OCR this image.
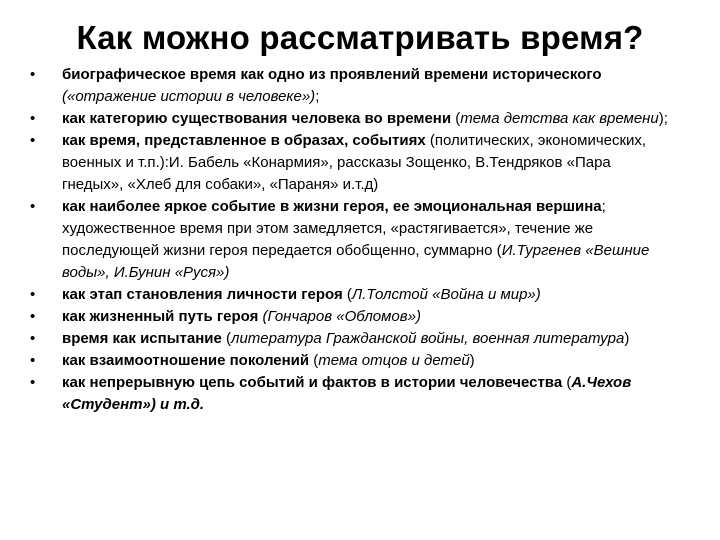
Как можно рассматривать время?
•	биографическое время как одно из проявлений времени исторического («отражение истории в человеке»);
•	как категорию существования человека во времени (тема детства как времени);
•	как время, представленное в образах, событиях (политических, экономических, военных и т.п.):И. Бабель «Конармия», рассказы Зощенко, В.Тендряков «Пара гнедых», «Хлеб для собаки», «Параня» и.т.д)
•	как наиболее яркое событие в жизни героя, ее эмоциональная вершина; художественное время при этом замедляется, «растягивается», течение же последующей жизни героя передается обобщенно, суммарно (И.Тургенев «Вешние воды», И.Бунин «Руся»)
•	как этап становления личности героя (Л.Толстой «Война и мир»)
•	как жизненный путь героя (Гончаров «Обломов»)
•	время как испытание (литература Гражданской войны, военная литература)
•	как взаимоотношение поколений (тема отцов и детей)
•	как непрерывную цепь событий и фактов в истории человечества (А.Чехов «Студент») и т.д.
